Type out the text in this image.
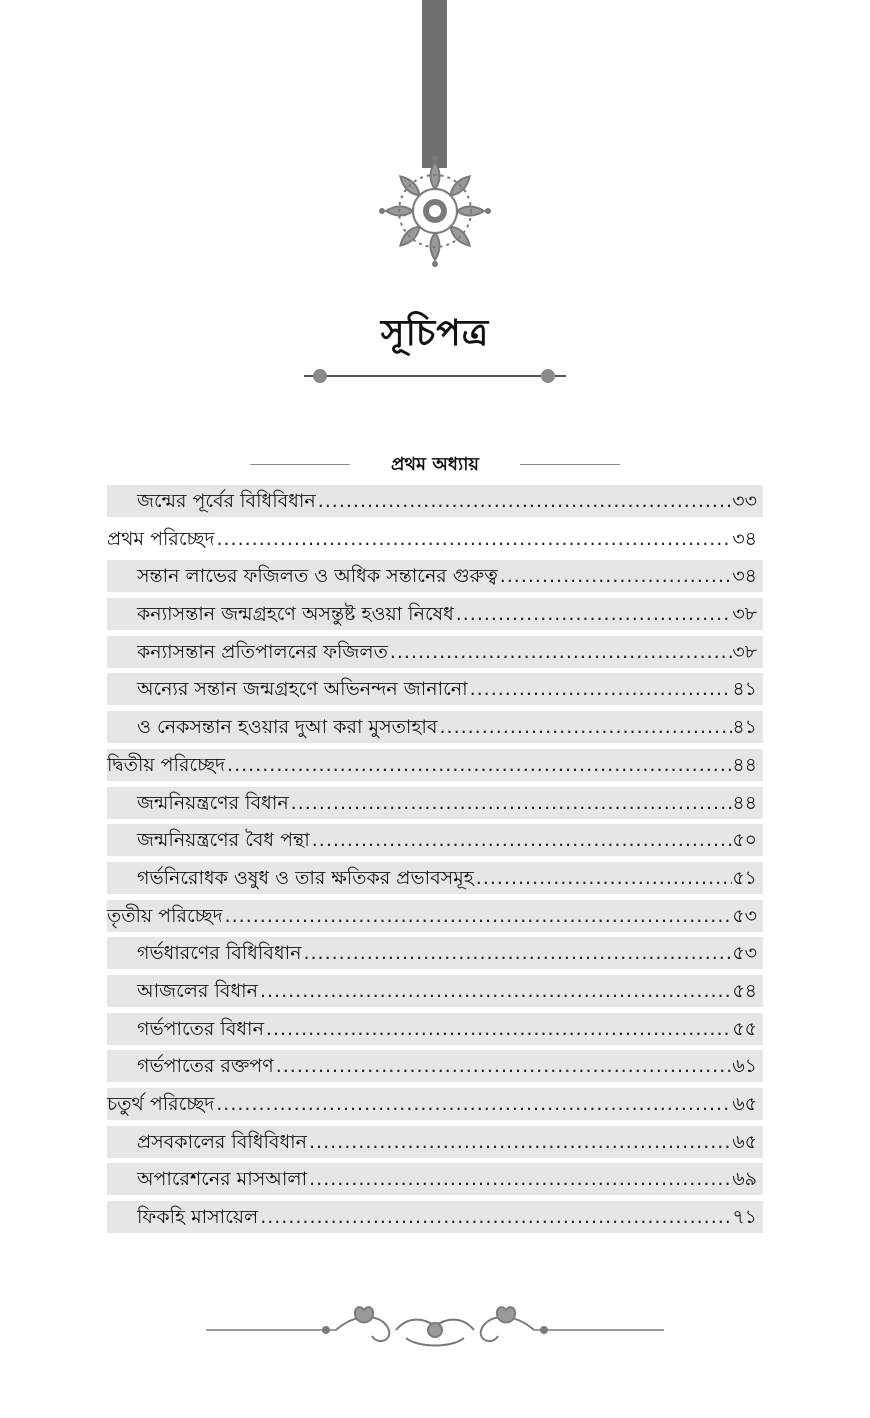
সূচিপত্র
প্রথম অধ্যায়
জন্মের পূর্বের বিধিবিধান .....	৩৩
প্রথম পরিচ্ছেদ .....	৩৪
সন্তান লাভের ফজিলত ও অধিক সন্তানের গুরুত্ব .....	৩৪
কন্যাসন্তান জন্মগ্রহণে অসন্তুষ্ট হওয়া নিষেধ .....	৩৮
কন্যাসন্তান প্রতিপালনের ফজিলত .....	৩৮
অন্যের সন্তান জন্মগ্রহণে অভিনন্দন জানানো .....	৪১
ও নেকসন্তান হওয়ার দুআ করা মুসতাহাব .....	৪১
দ্বিতীয় পরিচ্ছেদ .....	৪৪
জন্মনিয়ন্ত্রণের বিধান .....	৪৪
জন্মনিয়ন্ত্রণের বৈধ পন্থা .....	৫০
গর্ভনিরোধক ওষুধ ও তার ক্ষতিকর প্রভাবসমূহ .....	৫১
তৃতীয় পরিচ্ছেদ .....	৫৩
গর্ভধারণের বিধিবিধান .....	৫৩
আজলের বিধান .....	৫৪
গর্ভপাতের বিধান .....	৫৫
গর্ভপাতের রক্তপণ .....	৬১
চতুর্থ পরিচ্ছেদ .....	৬৫
প্রসবকালের বিধিবিধান .....	৬৫
অপারেশনের মাসআলা .....	৬৯
ফিকহি মাসায়েল .....	৭১
